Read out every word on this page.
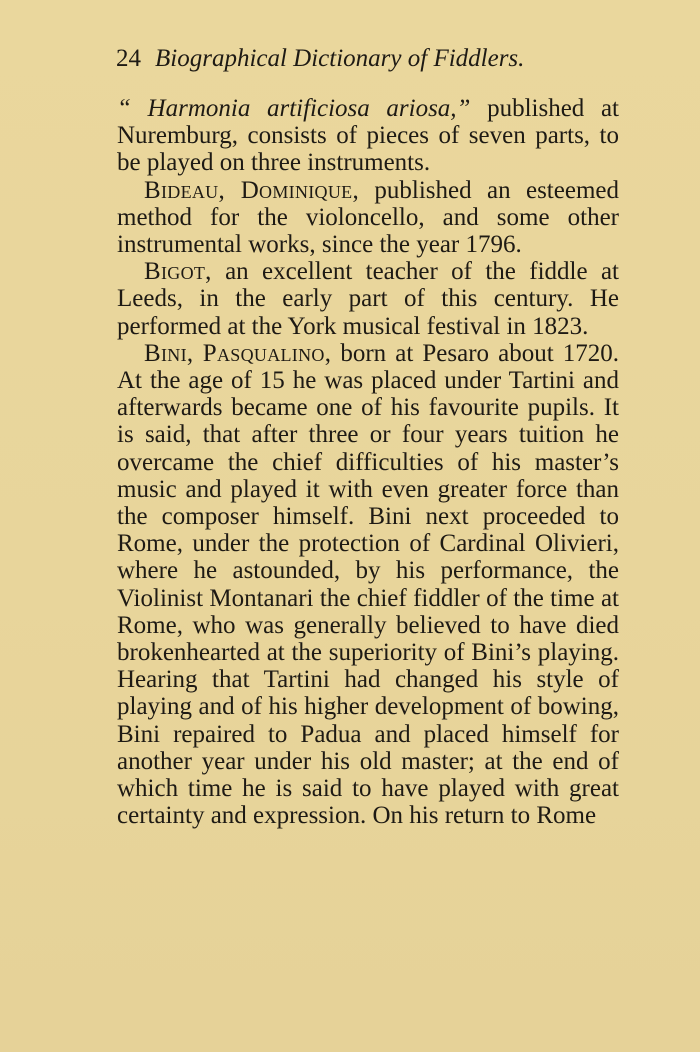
24 Biographical Dictionary of Fiddlers.

“ Harmonia artificiosa ariosa,” published at Nuremburg, consists of pieces of seven parts, to be played on three instruments.

Bideau, Dominique, published an esteemed method for the violoncello, and some other instrumental works, since the year 1796.

Bigot, an excellent teacher of the fiddle at Leeds, in the early part of this century. He performed at the York musical festival in 1823.

Bini, Pasqualino, born at Pesaro about 1720. At the age of 15 he was placed under Tartini and afterwards became one of his favourite pupils. It is said, that after three or four years tuition he overcame the chief difficulties of his master’s music and played it with even greater force than the composer himself. Bini next proceeded to Rome, under the protection of Cardinal Olivieri, where he astounded, by his performance, the Violinist Montanari the chief fiddler of the time at Rome, who was generally believed to have died brokenhearted at the superiority of Bini’s playing. Hearing that Tartini had changed his style of playing and of his higher development of bowing, Bini repaired to Padua and placed himself for another year under his old master; at the end of which time he is said to have played with great certainty and expression. On his return to Rome
